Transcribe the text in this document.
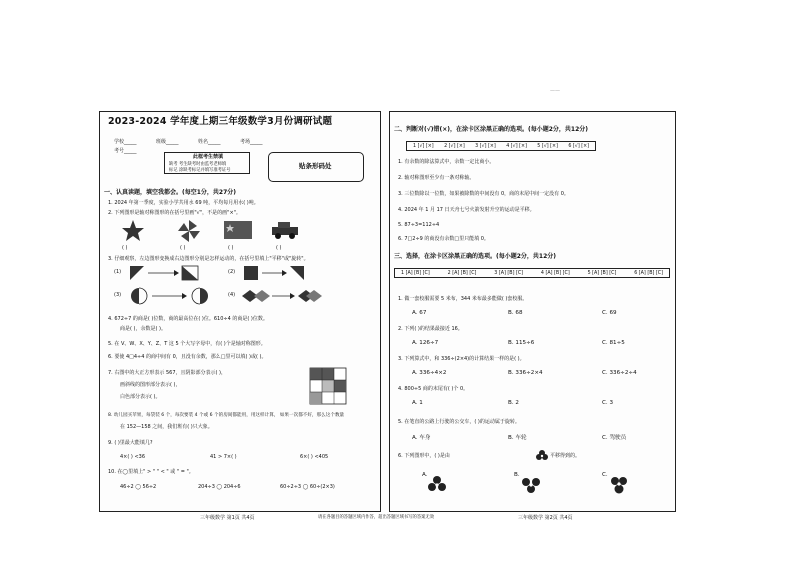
——
2023-2024 学年度上期三年级数学3月份调研试题
学校_____	班级_____	姓名_____	考场_____
考号_____
此框考生禁填
缺考 考生缺考时由监考老师填
标记 涂缺考标记并填写准考证号
贴条形码处
一、认真读题，填空我都会。(每空1分，共27分)
1. 2024 年第一季度，实验小学共用水 69 吨，平均每月用水( )吨。
2. 下列图形是轴对称图形的在括号里画"√"，不是的画"×"。
( )	( )	( )	( )
3. 仔细观察，左边图形变换成右边图形分别是怎样运动的，在括号里填上"平移"或"旋转"。
(1)	(2)
(3)	(4)
4. 672÷7 的商是( )位数，商的最高位在( )位。610÷4 的商是( )位数。
商是( )，余数是( )。
5. 在 V、W、X、Y、Z、T 这 5 个大写字母中，有( )个是轴对称图形。
6. 要使 4□4÷4 的商中间有 0，且没有余数，那么□里可以填( )或( )。
7. 右图中的大正方形表示 567，且阴影部分表示( )，
画斜线的图形部分表示( )，
白色部分表示( )。
8. 幼儿园买苹果，每袋装 6 个，每次要装 4 个或 6 个的房间都能用，用这样计算， 如果一次都不好，那么这个数量
在 152—158 之间，我们班有( )只大象。
9. ( )里最大能填几?
4×( ) <36	41 > 7×( )	6×( ) <405
10. 在◯里填上" > " " < " 或 " = "。
46÷2 ◯ 56÷2	204÷3 ◯ 204÷6	60÷2÷3 ◯ 60÷(2×3)
三年级数学 第1页 共4页	请在各题目的答题区域内作答，超出答题区域书写的答案无效
二、判断对(√)错(×)，在涂卡区涂黑正确的选项。(每小题2分，共12分)
1 [√] [×] 2 [√] [×] 3 [√] [×] 4 [√] [×] 5 [√] [×] 6 [√] [×]
1. 有余数的除法算式中，余数一定比商小。
2. 轴对称图形至少有一条对称轴。
3. 三位数除以一位数，如果被除数的中间没有 0，商的末尾中间一定没有 0。
4. 2024 年 1 月 17 日天舟七号火箭发射升空的运动是平移。
5. 87÷3=112÷4
6. 7□2÷9 的商没有余数□里只能填 0。
三、选择，在涂卡区涂黑正确的选项。(每小题2分，共12分)
1 [A] [B] [C]	2 [A] [B] [C]	3 [A] [B] [C]	4 [A] [B] [C]	5 [A] [B] [C]	6 [A] [B] [C]
1. 做一套校服需要 5 米布，344 米布最多能做( )套校服。
A. 67	B. 68	C. 69
2. 下列( )的结果最接近 16。
A. 126÷7	B. 115÷6	C. 81÷5
3. 下列算式中，和 336÷(2×4)的计算结果一样的是( )。
A. 336÷4×2	B. 336÷2×4	C. 336÷2÷4
4. 800÷5 商的末尾有( )个 0。
A. 1	B. 2	C. 3
5. 在笔直的公路上行驶的公交车，( )的运动属于旋转。
A. 车身	B. 车轮	C. 驾驶员
6. 下列图形中，( )是由	平移得到的。
A.	B.	C.
三年级数学 第2页 共4页
